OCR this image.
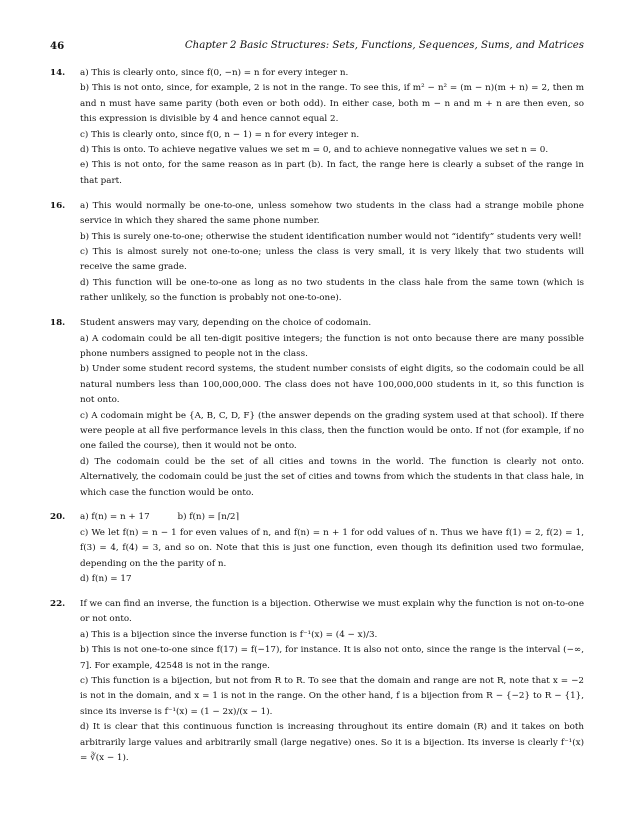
46	Chapter 2 Basic Structures: Sets, Functions, Sequences, Sums, and Matrices
14. a) This is clearly onto, since f(0, −n) = n for every integer n.

b) This is not onto, since, for example, 2 is not in the range. To see this, if m² − n² = (m − n)(m + n) = 2, then m and n must have same parity (both even or both odd). In either case, both m − n and m + n are then even, so this expression is divisible by 4 and hence cannot equal 2.

c) This is clearly onto, since f(0, n − 1) = n for every integer n.

d) This is onto. To achieve negative values we set m = 0, and to achieve nonnegative values we set n = 0.

e) This is not onto, for the same reason as in part (b). In fact, the range here is clearly a subset of the range in that part.

16. a) This would normally be one-to-one, unless somehow two students in the class had a strange mobile phone service in which they shared the same phone number.

b) This is surely one-to-one; otherwise the student identification number would not “identify” students very well!

c) This is almost surely not one-to-one; unless the class is very small, it is very likely that two students will receive the same grade.

d) This function will be one-to-one as long as no two students in the class hale from the same town (which is rather unlikely, so the function is probably not one-to-one).

18. Student answers may vary, depending on the choice of codomain.

a) A codomain could be all ten-digit positive integers; the function is not onto because there are many possible phone numbers assigned to people not in the class.

b) Under some student record systems, the student number consists of eight digits, so the codomain could be all natural numbers less than 100,000,000. The class does not have 100,000,000 students in it, so this function is not onto.

c) A codomain might be {A, B, C, D, F} (the answer depends on the grading system used at that school). If there were people at all five performance levels in this class, then the function would be onto. If not (for example, if no one failed the course), then it would not be onto.

d) The codomain could be the set of all cities and towns in the world. The function is clearly not onto. Alternatively, the codomain could be just the set of cities and towns from which the students in that class hale, in which case the function would be onto.

20. a) f(n) = n + 17          b) f(n) = ⌈n/2⌉

c) We let f(n) = n − 1 for even values of n, and f(n) = n + 1 for odd values of n. Thus we have f(1) = 2, f(2) = 1, f(3) = 4, f(4) = 3, and so on. Note that this is just one function, even though its definition used two formulae, depending on the the parity of n.

d) f(n) = 17

22. If we can find an inverse, the function is a bijection. Otherwise we must explain why the function is not on-to-one or not onto.

a) This is a bijection since the inverse function is f⁻¹(x) = (4 − x)/3.

b) This is not one-to-one since f(17) = f(−17), for instance. It is also not onto, since the range is the interval (−∞, 7]. For example, 42548 is not in the range.

c) This function is a bijection, but not from R to R. To see that the domain and range are not R, note that x = −2 is not in the domain, and x = 1 is not in the range. On the other hand, f is a bijection from R − {−2} to R − {1}, since its inverse is f⁻¹(x) = (1 − 2x)/(x − 1).

d) It is clear that this continuous function is increasing throughout its entire domain (R) and it takes on both arbitrarily large values and arbitrarily small (large negative) ones. So it is a bijection. Its inverse is clearly f⁻¹(x) = ∛(x − 1).
